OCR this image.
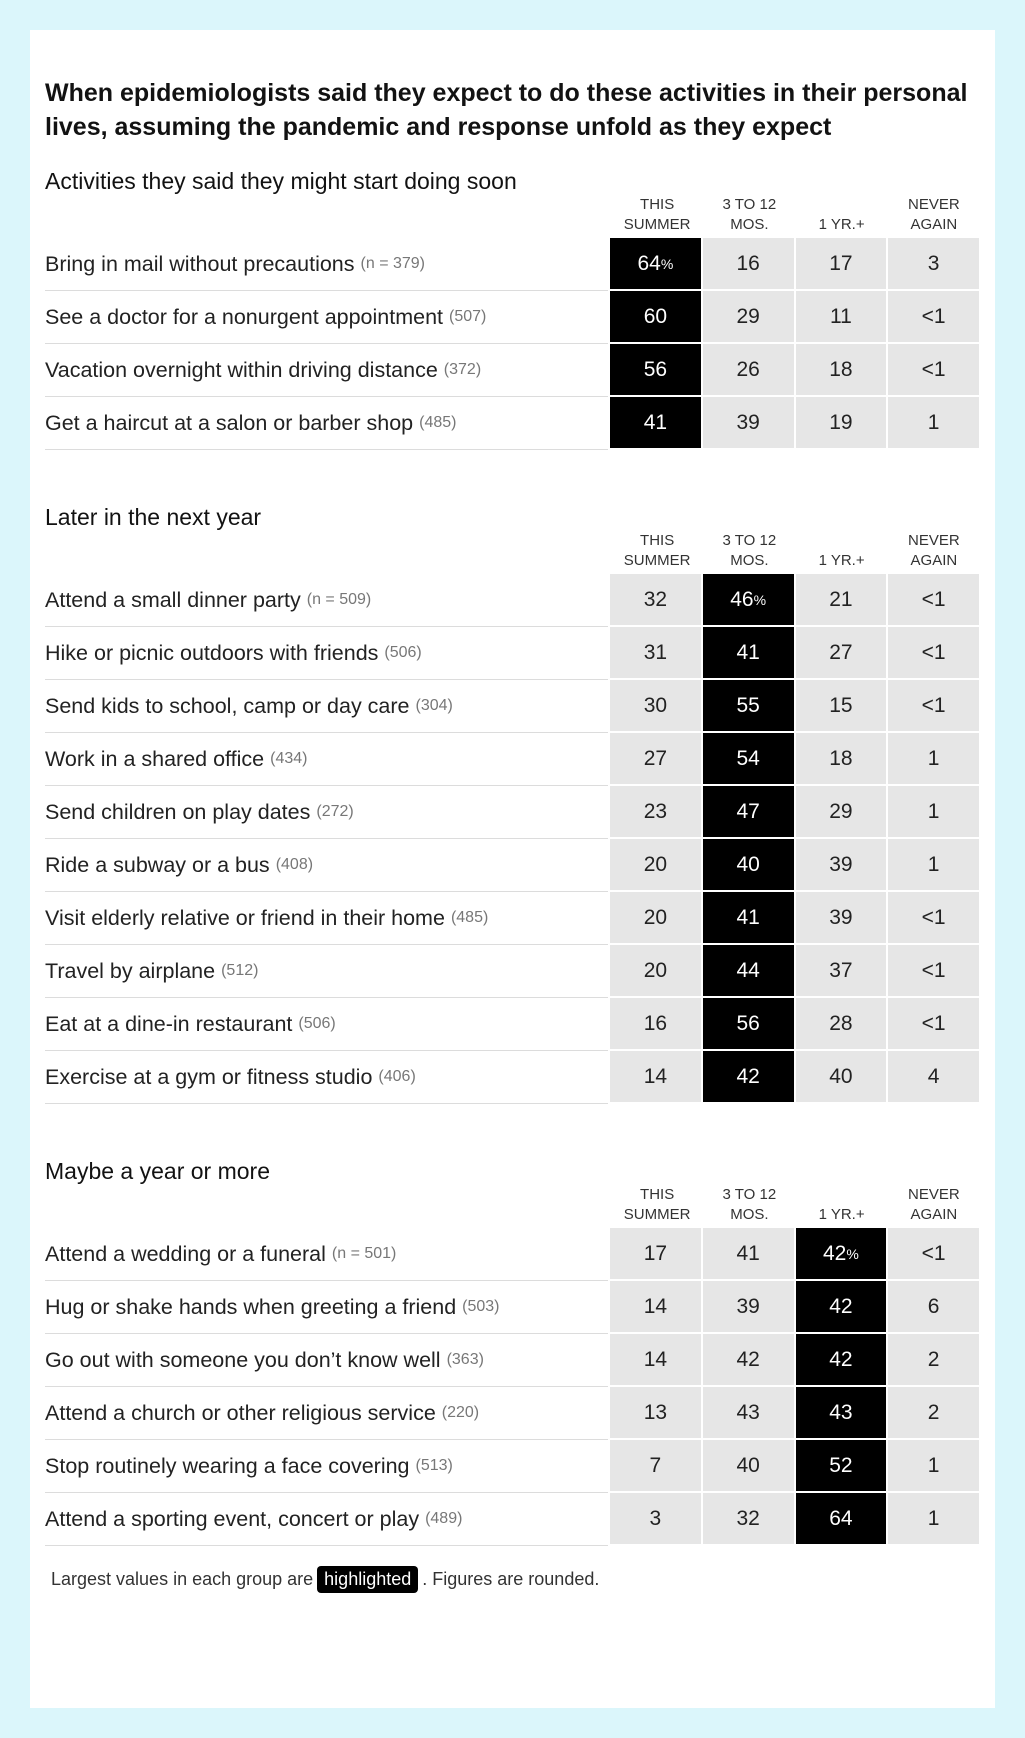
When epidemiologists said they expect to do these activities in their personal lives, assuming the pandemic and response unfold as they expect
Activities they said they might start doing soon
THIS
SUMMER
3 TO 12
MOS.
	1 YR.+
NEVER
AGAIN
Bring in mail without precautions (n = 379)	64 %	16	17	3
See a doctor for a nonurgent appointment (507)	60	29	11	<1
Vacation overnight within driving distance (372)	56	26	18	<1
Get a haircut at a salon or barber shop (485)	41	39	19	1
Later in the next year
THIS
SUMMER
3 TO 12
MOS.
	1 YR.+
NEVER
AGAIN
Attend a small dinner party (n = 509)	32	46 %	21	<1
Hike or picnic outdoors with friends (506)	31	41	27	<1
Send kids to school, camp or day care (304)	30	55	15	<1
Work in a shared office (434)	27	54	18	1
Send children on play dates (272)	23	47	29	1
Ride a subway or a bus (408)	20	40	39	1
Visit elderly relative or friend in their home (485)	20	41	39	<1
Travel by airplane (512)	20	44	37	<1
Eat at a dine-in restaurant (506)	16	56	28	<1
Exercise at a gym or fitness studio (406)	14	42	40	4
Maybe a year or more
THIS
SUMMER
3 TO 12
MOS.
	1 YR.+
NEVER
AGAIN
Attend a wedding or a funeral (n = 501)	17	41	42 %	<1
Hug or shake hands when greeting a friend (503)	14	39	42	6
Go out with someone you don’t know well (363)	14	42	42	2
Attend a church or other religious service (220)	13	43	43	2
Stop routinely wearing a face covering (513)	7	40	52	1
Attend a sporting event, concert or play (489)	3	32	64	1
Largest values in each group are highlighted . Figures are rounded.
